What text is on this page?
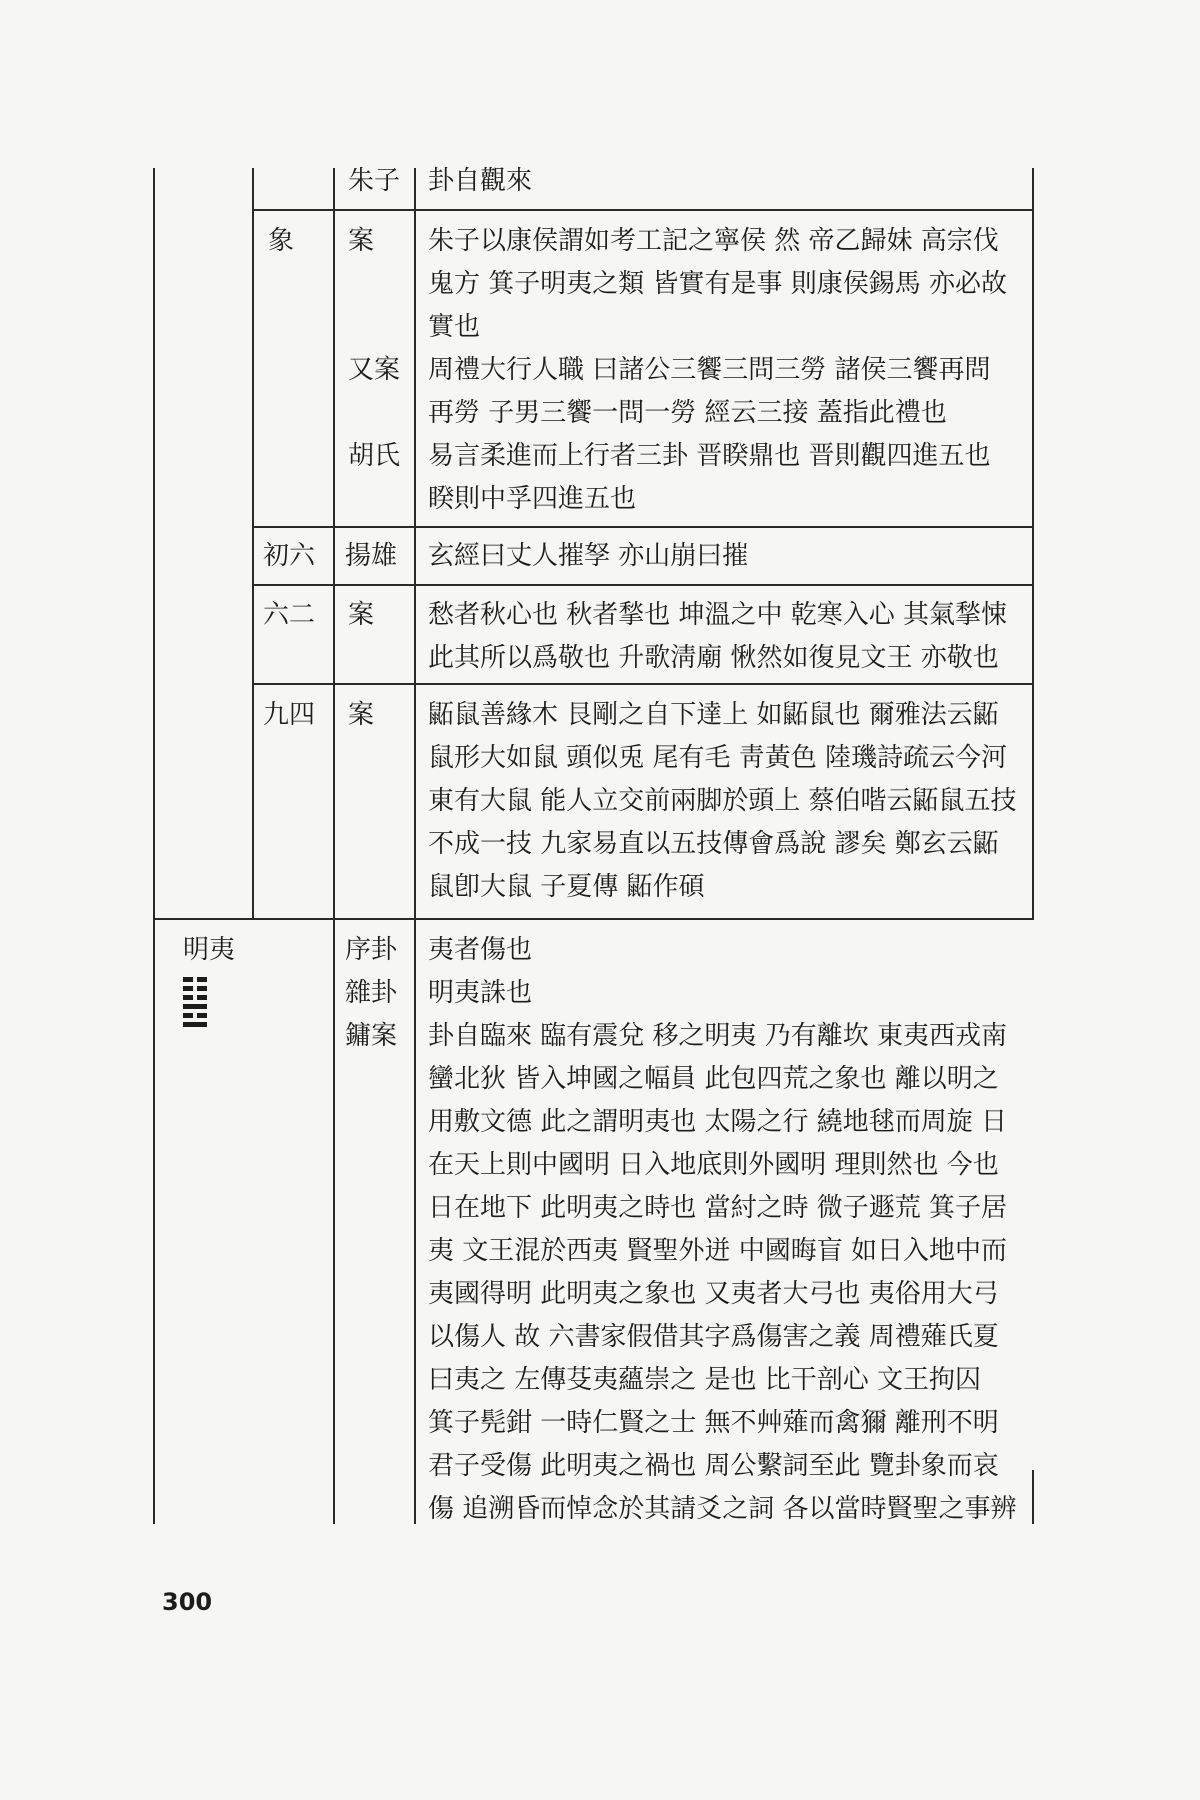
朱子 卦自觀來
象 案 朱子以康侯謂如考工記之寧侯 然 帝乙歸妹 高宗伐
鬼方 箕子明夷之類 皆實有是事 則康侯錫馬 亦必故
實也
又案 周禮大行人職 曰諸公三饗三問三勞 諸侯三饗再問
再勞 子男三饗一問一勞 經云三接 蓋指此禮也
胡氏 易言柔進而上行者三卦 晋睽鼎也 晋則觀四進五也
睽則中孚四進五也
初六 揚雄 玄經曰丈人摧孥 亦山崩曰摧
六二 案 愁者秋心也 秋者揫也 坤溫之中 乾寒入心 其氣揫悚
此其所以爲敬也 升歌淸廟 愀然如復見文王 亦敬也
九四 案 鼫鼠善緣木 艮剛之自下達上 如鼫鼠也 爾雅法云鼫
鼠形大如鼠 頭似兎 尾有毛 靑黃色 陸璣詩疏云今河
東有大鼠 能人立交前兩脚於頭上 蔡伯喈云鼫鼠五技
不成一技 九家易直以五技傳會爲說 謬矣 鄭玄云鼫
鼠卽大鼠 子夏傳 鼫作碩
明夷	序卦 夷者傷也
雜卦 明夷誅也
鏞案 卦自臨來 臨有震兌 移之明夷 乃有離坎 東夷西戎南
蠻北狄 皆入坤國之幅員 此包四荒之象也 離以明之
用敷文德 此之謂明夷也 太陽之行 繞地毬而周旋 日
在天上則中國明 日入地底則外國明 理則然也 今也
日在地下 此明夷之時也 當紂之時 微子遯荒 箕子居
夷 文王混於西夷 賢聖外迸 中國晦盲 如日入地中而
夷國得明 此明夷之象也 又夷者大弓也 夷俗用大弓
以傷人 故 六書家假借其字爲傷害之義 周禮薙氏夏
曰夷之 左傳芟夷蘊崇之 是也 比干剖心 文王拘囚
箕子髡鉗 一時仁賢之士 無不艸薙而禽獮 離刑不明
君子受傷 此明夷之禍也 周公繫詞至此 覽卦象而哀
傷 追溯昏而悼念於其請爻之詞 各以當時賢聖之事辨
300
